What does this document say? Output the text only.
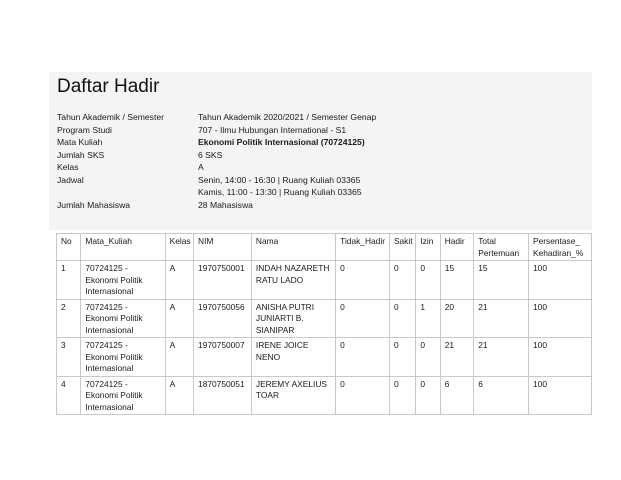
Daftar Hadir
Tahun Akademik / Semester	Tahun Akademik 2020/2021 / Semester Genap
Program Studi	707 - Ilmu Hubungan International - S1
Mata Kuliah	Ekonomi Politik Internasional (70724125)
Jumlah SKS	6 SKS
Kelas	A
Jadwal	Senin, 14:00 - 16:30 | Ruang Kuliah 03365
Kamis, 11:00 - 13:30 | Ruang Kuliah 03365
Jumlah Mahasiswa	28 Mahasiswa
No	Mata_Kuliah	Kelas	NIM	Nama	Tidak_Hadir	Sakit	Izin	Hadir	Total Pertemuan	Persentase_ Kehadiran_%
1	70724125 - Ekonomi Politik Internasional	A	1970750001	INDAH NAZARETH RATU LADO	0	0	0	15	15	100
2	70724125 - Ekonomi Politik Internasional	A	1970750056	ANISHA PUTRI JUNIARTI B. SIANIPAR	0	0	1	20	21	100
3	70724125 - Ekonomi Politik Internasional	A	1970750007	IRENE JOICE NENO	0	0	0	21	21	100
4	70724125 - Ekonomi Politik Internasional	A	1870750051	JEREMY AXELIUS TOAR	0	0	0	6	6	100
